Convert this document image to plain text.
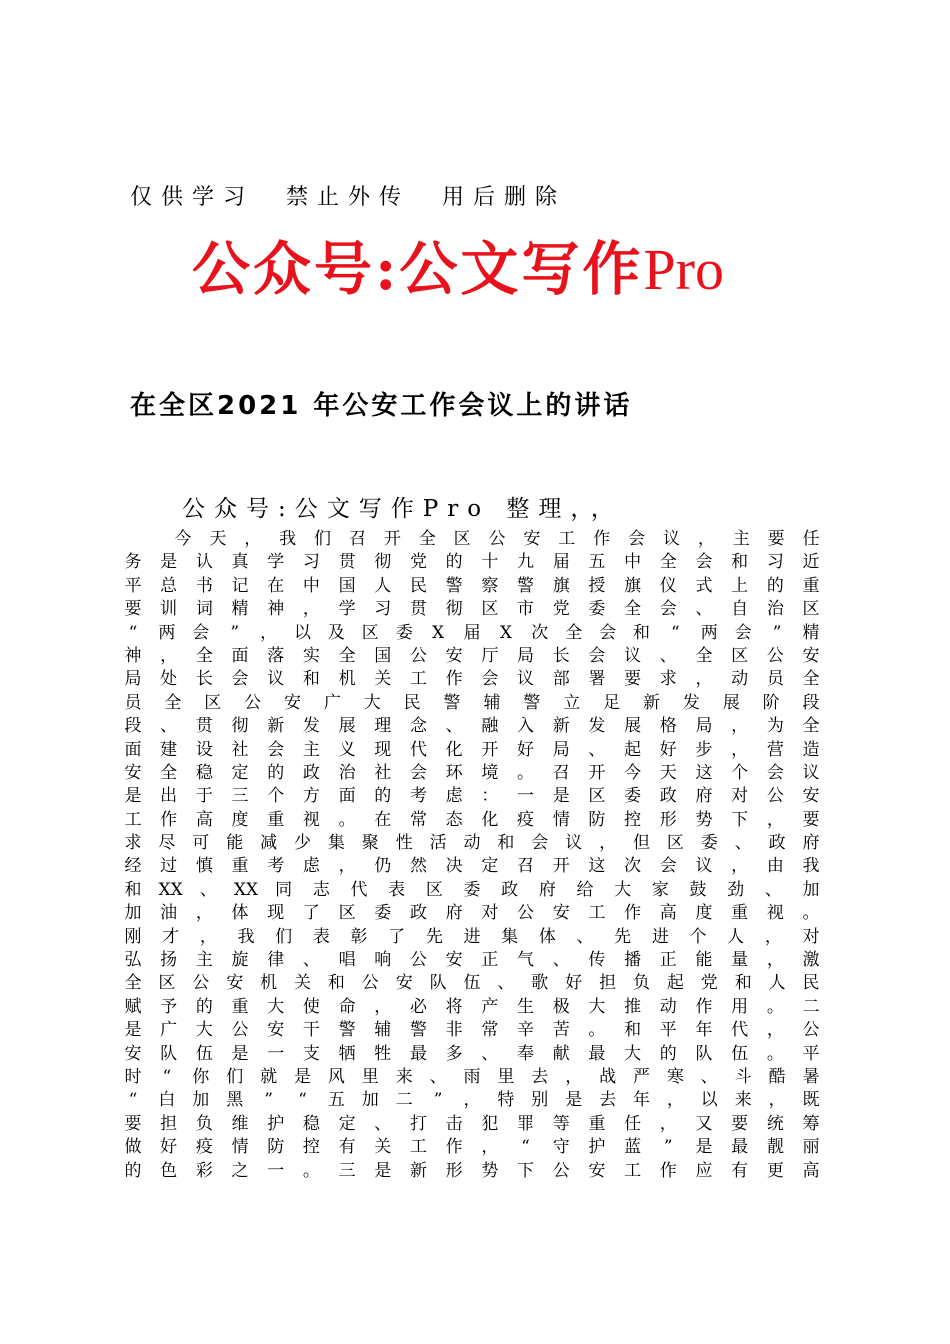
仅供学习  禁止外传  用后删除
公众号:公文写作Pro
在全区2021 年公安工作会议上的讲话
公众号:公文写作Pro 整理，，
今 天 ， 我 们 召 开 全 区 公 安 工 作 会 议 ， 主 要 任
务 是 认 真 学 习 贯 彻 党 的 十 九 届 五 中 全 会 和 习 近
平 总 书 记 在 中 国 人 民 警 察 警 旗 授 旗 仪 式 上 的 重
要 训 词 精 神 ， 学 习 贯 彻 区 市 党 委 全 会 、 自 治 区
“ 两 会 ” ， 以 及 区 委 X 届 X 次 全 会 和 “ 两 会 ” 精
神 ， 全 面 落 实 全 国 公 安 厅 局 长 会 议 、 全 区 公 安
局 处 长 会 议 和 机 关 工 作 会 议 部 署 要 求 ， 动 员 全
员 全 区 公 安 广 大 民 警 辅 警 立 足 新 发 展 阶 段
段 、 贯 彻 新 发 展 理 念 、 融 入 新 发 展 格 局 ， 为 全
面 建 设 社 会 主 义 现 代 化 开 好 局 、 起 好 步 ， 营 造
安 全 稳 定 的 政 治 社 会 环 境 。 召 开 今 天 这 个 会 议
是 出 于 三 个 方 面 的 考 虑 ： 一 是 区 委 政 府 对 公 安
工 作 高 度 重 视 。 在 常 态 化 疫 情 防 控 形 势 下 ， 要
求 尽 可 能 减 少 集 聚 性 活 动 和 会 议 ， 但 区 委 、 政 府
经 过 慎 重 考 虑 ， 仍 然 决 定 召 开 这 次 会 议 ， 由 我
和 XX 、 XX 同 志 代 表 区 委 政 府 给 大 家 鼓 劲 、 加
加 油 ， 体 现 了 区 委 政 府 对 公 安 工 作 高 度 重 视 。
刚 才 ， 我 们 表 彰 了 先 进 集 体 、 先 进 个 人 ， 对
弘 扬 主 旋 律 、 唱 响 公 安 正 气 、 传 播 正 能 量 ， 激
全 区 公 安 机 关 和 公 安 队 伍 、 歌 好 担 负 起 党 和 人 民
赋 予 的 重 大 使 命 ， 必 将 产 生 极 大 推 动 作 用 。 二
是 广 大 公 安 干 警 辅 警 非 常 辛 苦 。 和 平 年 代 ， 公
安 队 伍 是 一 支 牺 牲 最 多 、 奉 献 最 大 的 队 伍 。 平
时 “ 你 们 就 是 风 里 来 、 雨 里 去 ， 战 严 寒 、 斗 酷 暑
“ 白 加 黑 ” “ 五 加 二 ” ， 特 别 是 去 年 ， 以 来 ， 既
要 担 负 维 护 稳 定 、 打 击 犯 罪 等 重 任 ， 又 要 统 筹
做 好 疫 情 防 控 有 关 工 作 ， “ 守 护 蓝 ” 是 最 靓 丽
的 色 彩 之 一 。 三 是 新 形 势 下 公 安 工 作 应 有 更 高
